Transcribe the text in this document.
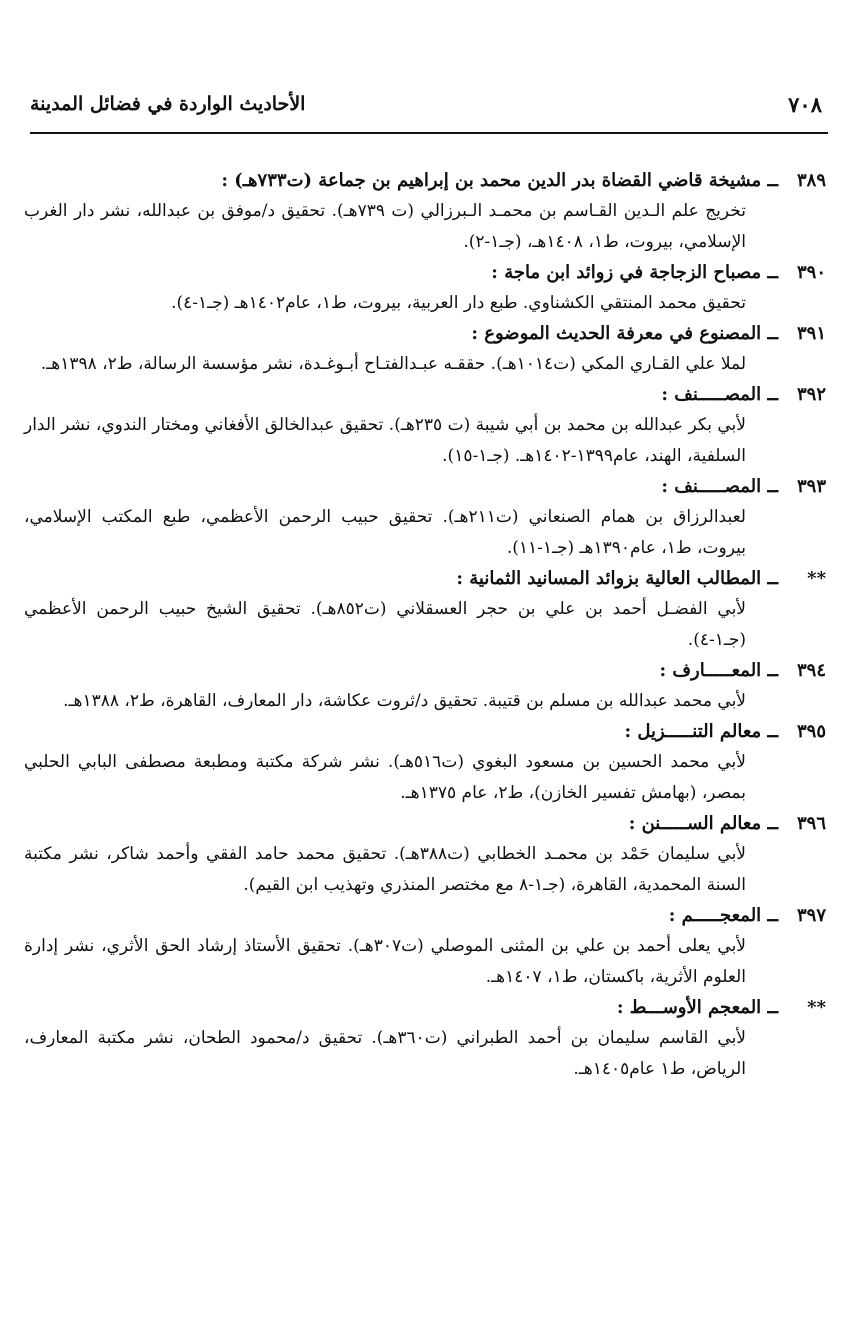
٧٠٨
الأحاديث الواردة في فضائل المدينة
٣٨٩
ــ مشيخة قاضي القضاة بدر الدين محمد بن إبراهيم بن جماعة (ت٧٣٣هـ) :
تخريج علم الـدين القـاسم بن محمـد الـبرزالي (ت ٧٣٩هـ). تحقيق د/موفق بن عبدالله، نشر دار الغرب الإسلامي، بيروت، ط١، ١٤٠٨هـ، (جـ١-٢).
٣٩٠
ــ مصباح الزجاجة في زوائد ابن ماجة :
تحقيق محمد المنتقي الكشناوي. طبع دار العربية، بيروت، ط١، عام١٤٠٢هـ (جـ١-٤).
٣٩١
ــ المصنوع في معرفة الحديث الموضوع :
لملا علي القـاري المكي (ت١٠١٤هـ). حققـه عبـدالفتـاح أبـوغـدة، نشر مؤسسة الرسالة، ط٢، ١٣٩٨هـ.
٣٩٢
ــ المصـــــنف :
لأبي بكر عبدالله بن محمد بن أبي شيبة (ت ٢٣٥هـ). تحقيق عبدالخالق الأفغاني ومختار الندوي، نشر الدار السلفية، الهند، عام١٣٩٩-١٤٠٢هـ. (جـ١-١٥).
٣٩٣
ــ المصـــــنف :
لعبدالرزاق بن همام الصنعاني (ت٢١١هـ). تحقيق حبيب الرحمن الأعظمي، طبع المكتب الإسلامي، بيروت، ط١، عام١٣٩٠هـ (جـ١-١١).
**
ــ المطالب العالية بزوائد المسانيد الثمانية :
لأبي الفضـل أحمد بن علي بن حجر العسقلاني (ت٨٥٢هـ). تحقيق الشيخ حبيب الرحمن الأعظمي (جـ١-٤).
٣٩٤
ــ المعـــــارف :
لأبي محمد عبدالله بن مسلم بن قتيبة. تحقيق د/ثروت عكاشة، دار المعارف، القاهرة، ط٢، ١٣٨٨هـ.
٣٩٥
ــ معالم التنـــــزيل :
لأبي محمد الحسين بن مسعود البغوي (ت٥١٦هـ). نشر شركة مكتبة ومطبعة مصطفى البابي الحلبي بمصر، (بهامش تفسير الخازن)، ط٢، عام ١٣٧٥هـ.
٣٩٦
ــ معالم الســـــنن :
لأبي سليمان حَمْد بن محمـد الخطابي (ت٣٨٨هـ). تحقيق محمد حامد الفقي وأحمد شاكر، نشر مكتبة السنة المحمدية، القاهرة، (جـ١-٨ مع مختصر المنذري وتهذيب ابن القيم).
٣٩٧
ــ المعجـــــم :
لأبي يعلى أحمد بن علي بن المثنى الموصلي (ت٣٠٧هـ). تحقيق الأستاذ إرشاد الحق الأثري، نشر إدارة العلوم الأثرية، باكستان، ط١، ١٤٠٧هـ.
**
ــ المعجم الأوســـط :
لأبي القاسم سليمان بن أحمد الطبراني (ت٣٦٠هـ). تحقيق د/محمود الطحان، نشر مكتبة المعارف، الرياض، ط١ عام١٤٠٥هـ.
